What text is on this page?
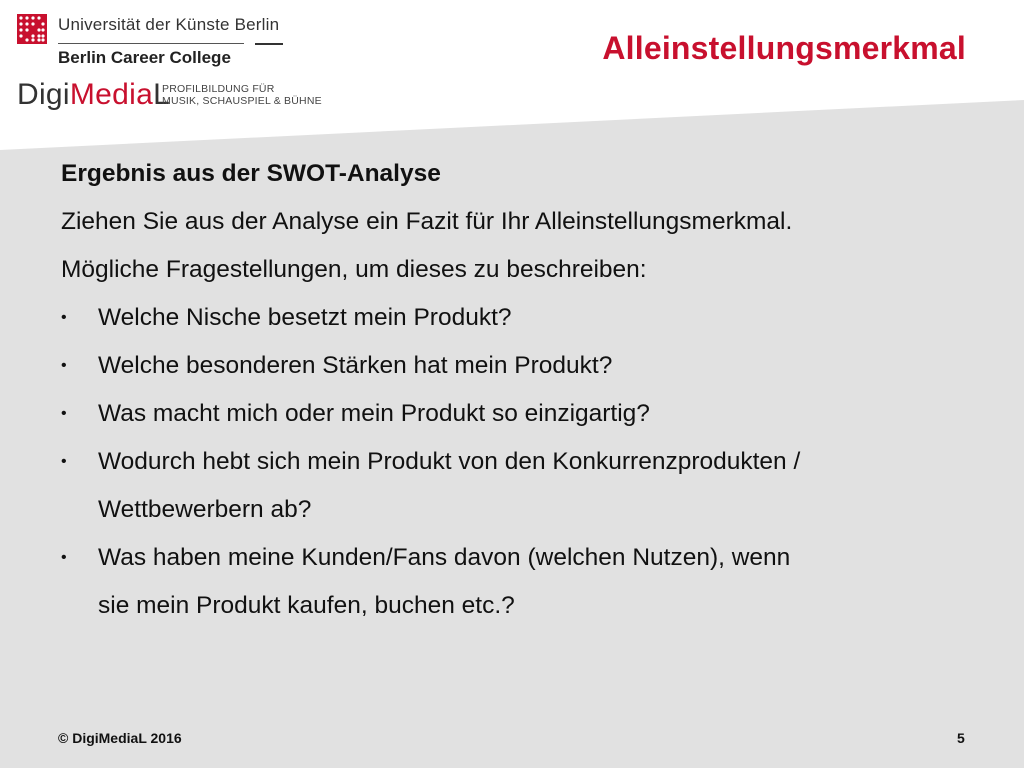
Universität der Künste Berlin
Berlin Career College
DigiMediaL
PROFILBILDUNG FÜR
MUSIK, SCHAUSPIEL & BÜHNE
Alleinstellungsmerkmal
Ergebnis aus der SWOT-Analyse
Ziehen Sie aus der Analyse ein Fazit für Ihr Alleinstellungsmerkmal.
Mögliche Fragestellungen, um dieses zu beschreiben:
• Welche Nische besetzt mein Produkt?
• Welche besonderen Stärken hat mein Produkt?
• Was macht mich oder mein Produkt so einzigartig?
• Wodurch hebt sich mein Produkt von den Konkurrenzprodukten /
Wettbewerbern ab?
• Was haben meine Kunden/Fans davon (welchen Nutzen), wenn
sie mein Produkt kaufen, buchen etc.?
© DigiMediaL 2016	5
